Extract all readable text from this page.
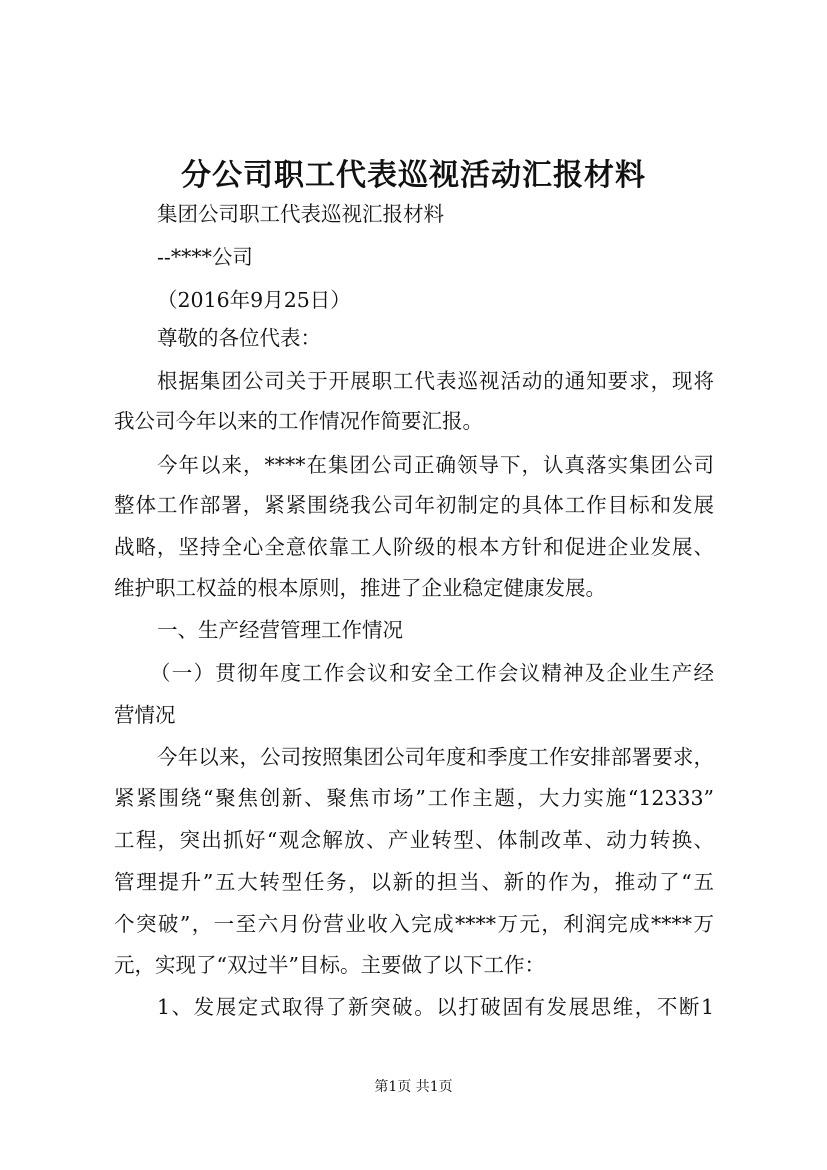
分公司职工代表巡视活动汇报材料
集团公司职工代表巡视汇报材料
--****公司
（2016年9月25日）
尊敬的各位代表：
根据集团公司关于开展职工代表巡视活动的通知要求，现将
我公司今年以来的工作情况作简要汇报。
今年以来，****在集团公司正确领导下，认真落实集团公司
整体工作部署，紧紧围绕我公司年初制定的具体工作目标和发展
战略，坚持全心全意依靠工人阶级的根本方针和促进企业发展、
维护职工权益的根本原则，推进了企业稳定健康发展。
一、生产经营管理工作情况
（一）贯彻年度工作会议和安全工作会议精神及企业生产经
营情况
今年以来，公司按照集团公司年度和季度工作安排部署要求，
紧紧围绕“聚焦创新、聚焦市场”工作主题，大力实施“12333”
工程，突出抓好“观念解放、产业转型、体制改革、动力转换、
管理提升”五大转型任务，以新的担当、新的作为，推动了“五
个突破”，一至六月份营业收入完成****万元，利润完成****万
元，实现了“双过半”目标。主要做了以下工作：
1、发展定式取得了新突破。以打破固有发展思维，不断1
第1页 共1页
